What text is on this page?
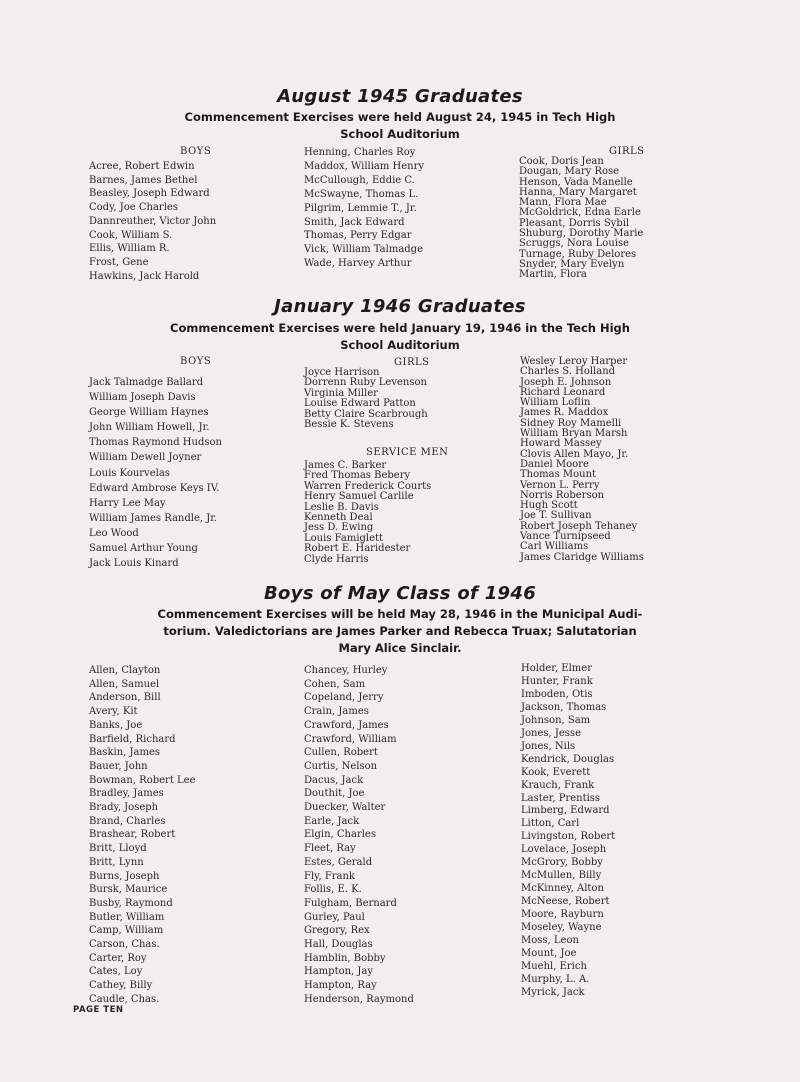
August 1945 Graduates
Commencement Exercises were held August 24, 1945 in Tech High
School Auditorium
BOYS
Acree, Robert Edwin
Barnes, James Bethel
Beasley, Joseph Edward
Cody, Joe Charles
Dannreuther, Victor John
Cook, William S.
Ellis, William R.
Frost, Gene
Hawkins, Jack Harold
Henning, Charles Roy
Maddox, William Henry
McCullough, Eddie C.
McSwayne, Thomas L.
Pilgrim, Lemmie T., Jr.
Smith, Jack Edward
Thomas, Perry Edgar
Vick, William Talmadge
Wade, Harvey Arthur
GIRLS
Cook, Doris Jean
Dougan, Mary Rose
Henson, Vada Manelle
Hanna, Mary Margaret
Mann, Flora Mae
McGoldrick, Edna Earle
Pleasant, Dorris Sybil
Shuburg, Dorothy Marie
Scruggs, Nora Louise
Turnage, Ruby Delores
Snyder, Mary Evelyn
Martin, Flora
January 1946 Graduates
Commencement Exercises were held January 19, 1946 in the Tech High
School Auditorium
BOYS
Jack Talmadge Ballard
William Joseph Davis
George William Haynes
John William Howell, Jr.
Thomas Raymond Hudson
William Dewell Joyner
Louis Kourvelas
Edward Ambrose Keys IV.
Harry Lee May
William James Randle, Jr.
Leo Wood
Samuel Arthur Young
Jack Louis Kinard
GIRLS
Joyce Harrison
Dorrenn Ruby Levenson
Virginia Miller
Louise Edward Patton
Betty Claire Scarbrough
Bessie K. Stevens
SERVICE MEN
James C. Barker
Fred Thomas Bebery
Warren Frederick Courts
Henry Samuel Carlile
Leslie B. Davis
Kenneth Deal
Jess D. Ewing
Louis Famiglett
Robert E. Haridester
Clyde Harris
Wesley Leroy Harper
Charles S. Holland
Joseph E. Johnson
Richard Leonard
William Loflin
James R. Maddox
Sidney Roy Mamelli
William Bryan Marsh
Howard Massey
Clovis Allen Mayo, Jr.
Daniel Moore
Thomas Mount
Vernon L. Perry
Norris Roberson
Hugh Scott
Joe T. Sullivan
Robert Joseph Tehaney
Vance Turnipseed
Carl Williams
James Claridge Williams
Boys of May Class of 1946
Commencement Exercises will be held May 28, 1946 in the Municipal Audi-
torium. Valedictorians are James Parker and Rebecca Truax; Salutatorian
Mary Alice Sinclair.
Allen, Clayton
Allen, Samuel
Anderson, Bill
Avery, Kit
Banks, Joe
Barfield, Richard
Baskin, James
Bauer, John
Bowman, Robert Lee
Bradley, James
Brady, Joseph
Brand, Charles
Brashear, Robert
Britt, Lloyd
Britt, Lynn
Burns, Joseph
Bursk, Maurice
Busby, Raymond
Butler, William
Camp, William
Carson, Chas.
Carter, Roy
Cates, Loy
Cathey, Billy
Caudle, Chas.
Chancey, Hurley
Cohen, Sam
Copeland, Jerry
Crain, James
Crawford, James
Crawford, William
Cullen, Robert
Curtis, Nelson
Dacus, Jack
Douthit, Joe
Duecker, Walter
Earle, Jack
Elgin, Charles
Fleet, Ray
Estes, Gerald
Fly, Frank
Follis, E. K.
Fulgham, Bernard
Gurley, Paul
Gregory, Rex
Hall, Douglas
Hamblin, Bobby
Hampton, Jay
Hampton, Ray
Henderson, Raymond
Holder, Elmer
Hunter, Frank
Imboden, Otis
Jackson, Thomas
Johnson, Sam
Jones, Jesse
Jones, Nils
Kendrick, Douglas
Kook, Everett
Krauch, Frank
Laster, Prentiss
Limberg, Edward
Litton, Carl
Livingston, Robert
Lovelace, Joseph
McGrory, Bobby
McMullen, Billy
McKinney, Alton
McNeese, Robert
Moore, Rayburn
Moseley, Wayne
Moss, Leon
Mount, Joe
Muehl, Erich
Murphy, L. A.
Myrick, Jack
PAGE TEN
